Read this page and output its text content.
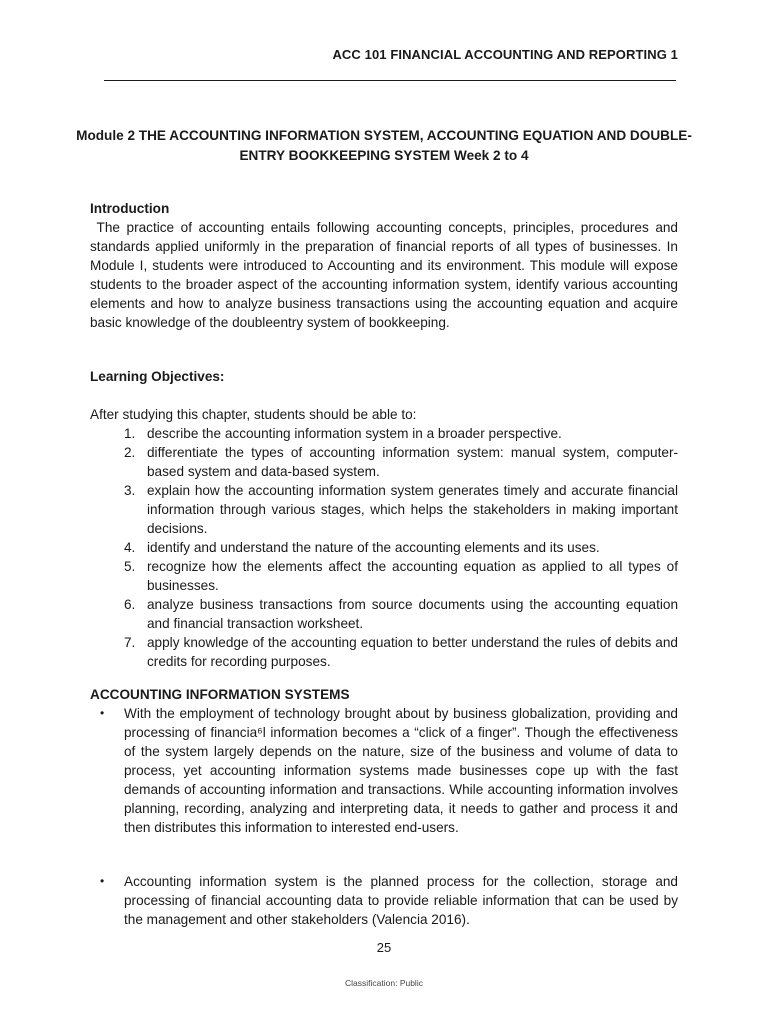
ACC 101 FINANCIAL ACCOUNTING AND REPORTING 1
Module 2 THE ACCOUNTING INFORMATION SYSTEM, ACCOUNTING EQUATION AND DOUBLE-ENTRY BOOKKEEPING SYSTEM Week 2 to 4
Introduction
The practice of accounting entails following accounting concepts, principles, procedures and standards applied uniformly in the preparation of financial reports of all types of businesses. In Module I, students were introduced to Accounting and its environment. This module will expose students to the broader aspect of the accounting information system, identify various accounting elements and how to analyze business transactions using the accounting equation and acquire basic knowledge of the doubleentry system of bookkeeping.
Learning Objectives:
After studying this chapter, students should be able to:
1. describe the accounting information system in a broader perspective.
2. differentiate the types of accounting information system: manual system, computer-based system and data-based system.
3. explain how the accounting information system generates timely and accurate financial information through various stages, which helps the stakeholders in making important decisions.
4. identify and understand the nature of the accounting elements and its uses.
5. recognize how the elements affect the accounting equation as applied to all types of businesses.
6. analyze business transactions from source documents using the accounting equation and financial transaction worksheet.
7. apply knowledge of the accounting equation to better understand the rules of debits and credits for recording purposes.
ACCOUNTING INFORMATION SYSTEMS
• With the employment of technology brought about by business globalization, providing and processing of financia⁶l information becomes a “click of a finger”. Though the effectiveness of the system largely depends on the nature, size of the business and volume of data to process, yet accounting information systems made businesses cope up with the fast demands of accounting information and transactions. While accounting information involves planning, recording, analyzing and interpreting data, it needs to gather and process it and then distributes this information to interested end-users.
• Accounting information system is the planned process for the collection, storage and processing of financial accounting data to provide reliable information that can be used by the management and other stakeholders (Valencia 2016).
25
Classification: Public
